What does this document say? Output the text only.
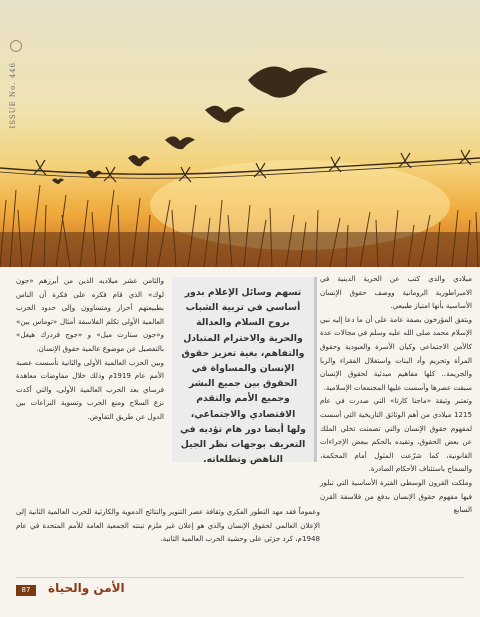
ISSUE No. 446

ميلادي والذي كتب عن الحرية الدينية في الامبراطورية الرومانية ووصف حقوق الإنسان الأساسية بأنها امتياز طبيعي.

ويتفق المؤرخون بصفة عامة على أن ما دعا إليه نبي الإسلام محمد صلى الله عليه وسلم في مجالات عدة كالأمن الاجتماعي وكيان الأسرة والعبودية وحقوق المرأة وتحريم وأد البنات واستغلال الفقراء والربا والجريمة.. كلها مفاهيم مبدئية لحقوق الإنسان سبقت عصرها وأسست عليها المجتمعات الإسلامية.

وتعتبر وثيقة «ماجنا كارتا» التي صدرت في عام 1215 ميلادي من أهم الوثائق التاريخية التي أسست لمفهوم حقوق الإنسان والتي تضمنت تخلي الملك عن بعض الحقوق، وتقيده بالحكم ببعض الإجراءات القانونية، كما شرّعت المثول أمام المحكمة، والسماح باستئناف الأحكام الصادرة.

وملكت القرون الوسطى الفترة الأساسية التي تبلور فيها مفهوم حقوق الإنسان بدفع من فلاسفة القرن السابع

تسهم وسائل الإعلام بدور أساسي في تربية الشباب بروح السلام والعدالة والحرية والاحترام المتبادل والتفاهم، بغية تعزيز حقوق الإنسان والمساواة في الحقوق بين جميع البشر وجميع الأمم والتقدم الاقتصادي والاجتماعي، ولها أيضا دور هام تؤديه في التعريف بوجهات نظر الجيل الناهض وتطلعاته.

والثامن عشر ميلاديه الذين من أبرزهم «جون لوك» الذي قام فكره على فكرة أن الناس بطبيعتهم أحرار ومتساوون وإلى حدود الحرب العالمية الأولى تكلم الفلاسفة أمثال «توماس بين» و«جون ستارت ميل» و «جوج فردرك هيغل» بالتفصيل عن موضوع عالمية حقوق الإنسان.

وبين الحرب العالمية الأولى والثانية تأسست عصبة الأمم عام 1919م وذلك خلال مفاوضات معاهدة فرساي بعد الحرب العالمية الأولى، والتي أكدت نزع السلاح ومنع الحرب وتسوية النزاعات بين الدول عن طريق التفاوض.

وعموماً فقد مهد التطور الفكري وثقافة عصر التنوير والنتائج الدموية والكارثية للحرب العالمية الثانية إلى الإعلان العالمي لحقوق الإنسان والذي هو إعلان غير ملزم تبنته الجمعية العامة للأمم المتحدة في عام 1948م، كرد جزئي على وحشية الحرب العالمية الثانية.

87	الأمن والحياة
